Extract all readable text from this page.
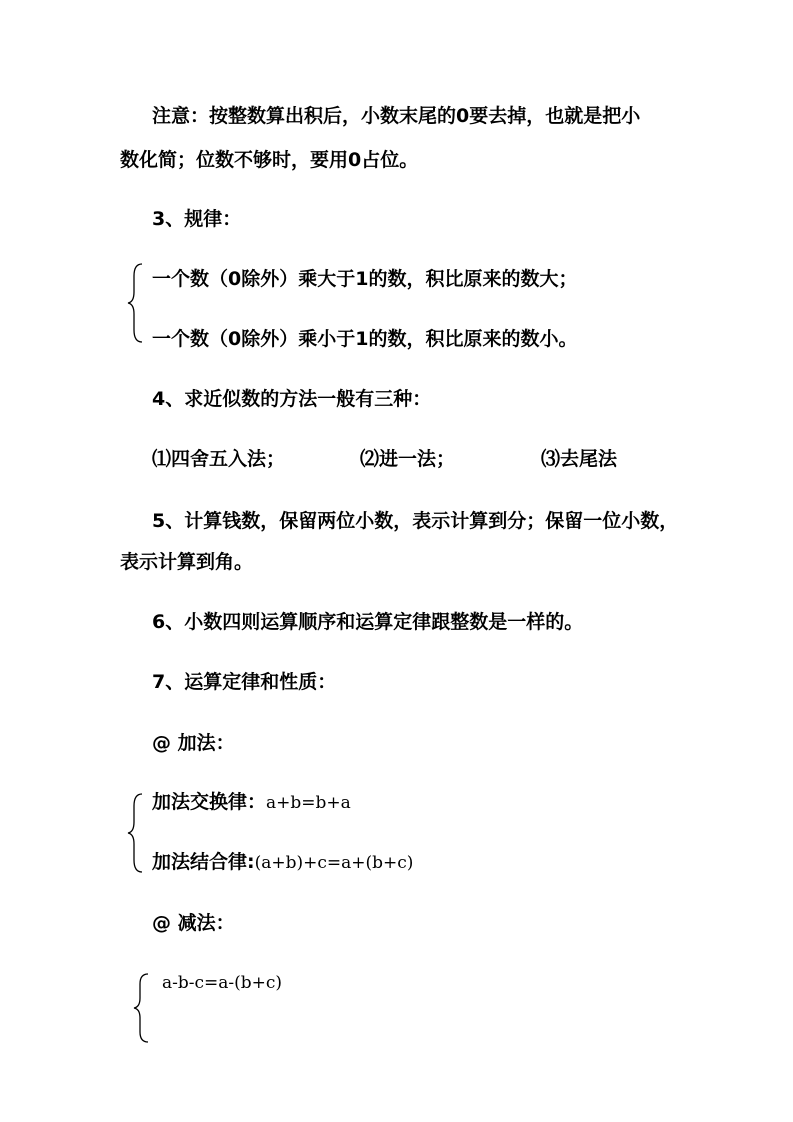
注意：按整数算出积后，小数末尾的0要去掉，也就是把小
数化简；位数不够时，要用0占位。
3、规律：
一个数（0除外）乘大于1的数，积比原来的数大；
一个数（0除外）乘小于1的数，积比原来的数小。
4、求近似数的方法一般有三种：
⑴四舍五入法；	⑵进一法；	⑶去尾法
5、计算钱数，保留两位小数，表示计算到分；保留一位小数，
表示计算到角。
6、小数四则运算顺序和运算定律跟整数是一样的。
7、运算定律和性质：
@ 加法：
加法交换律：a+b=b+a
加法结合律:(a+b)+c=a+(b+c)
@ 减法：
a-b-c=a-(b+c)
